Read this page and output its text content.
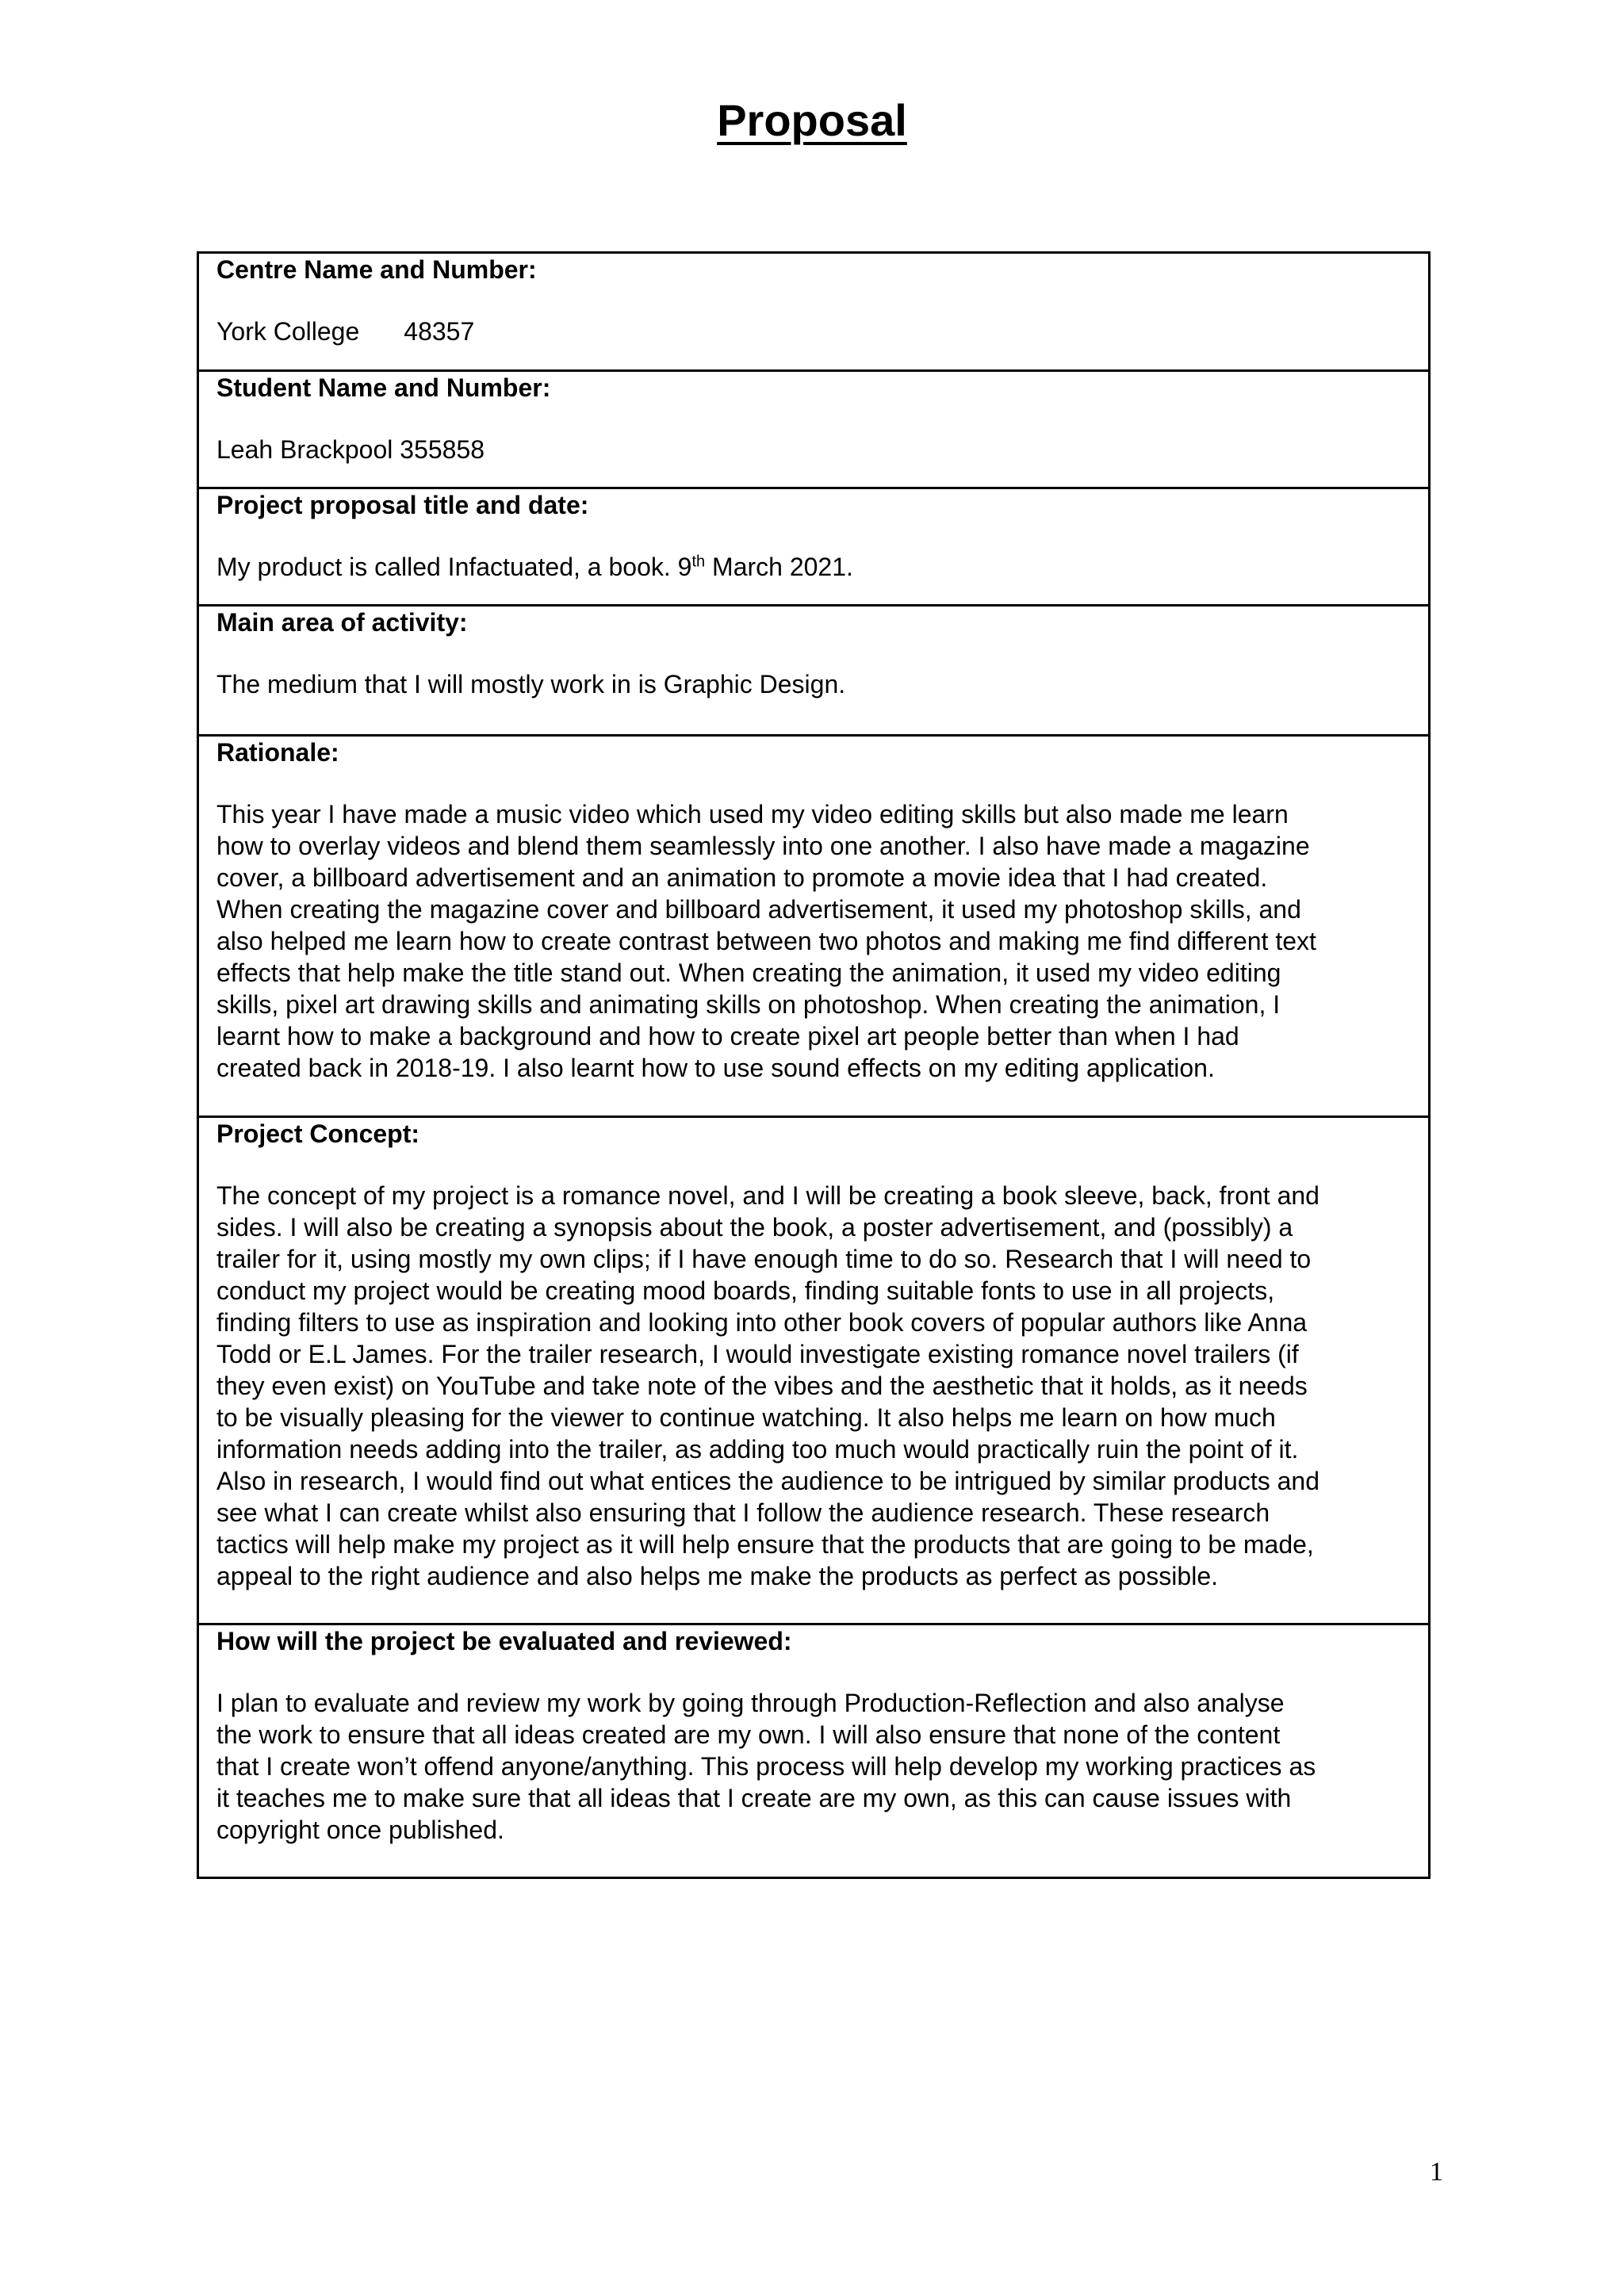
Proposal
Centre Name and Number:
York College 48357
Student Name and Number:
Leah Brackpool 355858
Project proposal title and date:
My product is called Infactuated, a book. 9th March 2021.
Main area of activity:
The medium that I will mostly work in is Graphic Design.
Rationale:
This year I have made a music video which used my video editing skills but also made me learn
how to overlay videos and blend them seamlessly into one another. I also have made a magazine
cover, a billboard advertisement and an animation to promote a movie idea that I had created.
When creating the magazine cover and billboard advertisement, it used my photoshop skills, and
also helped me learn how to create contrast between two photos and making me find different text
effects that help make the title stand out. When creating the animation, it used my video editing
skills, pixel art drawing skills and animating skills on photoshop. When creating the animation, I
learnt how to make a background and how to create pixel art people better than when I had
created back in 2018-19. I also learnt how to use sound effects on my editing application.
Project Concept:
The concept of my project is a romance novel, and I will be creating a book sleeve, back, front and
sides. I will also be creating a synopsis about the book, a poster advertisement, and (possibly) a
trailer for it, using mostly my own clips; if I have enough time to do so. Research that I will need to
conduct my project would be creating mood boards, finding suitable fonts to use in all projects,
finding filters to use as inspiration and looking into other book covers of popular authors like Anna
Todd or E.L James. For the trailer research, I would investigate existing romance novel trailers (if
they even exist) on YouTube and take note of the vibes and the aesthetic that it holds, as it needs
to be visually pleasing for the viewer to continue watching. It also helps me learn on how much
information needs adding into the trailer, as adding too much would practically ruin the point of it.
Also in research, I would find out what entices the audience to be intrigued by similar products and
see what I can create whilst also ensuring that I follow the audience research. These research
tactics will help make my project as it will help ensure that the products that are going to be made,
appeal to the right audience and also helps me make the products as perfect as possible.
How will the project be evaluated and reviewed:
I plan to evaluate and review my work by going through Production-Reflection and also analyse
the work to ensure that all ideas created are my own. I will also ensure that none of the content
that I create won’t offend anyone/anything. This process will help develop my working practices as
it teaches me to make sure that all ideas that I create are my own, as this can cause issues with
copyright once published.
1
